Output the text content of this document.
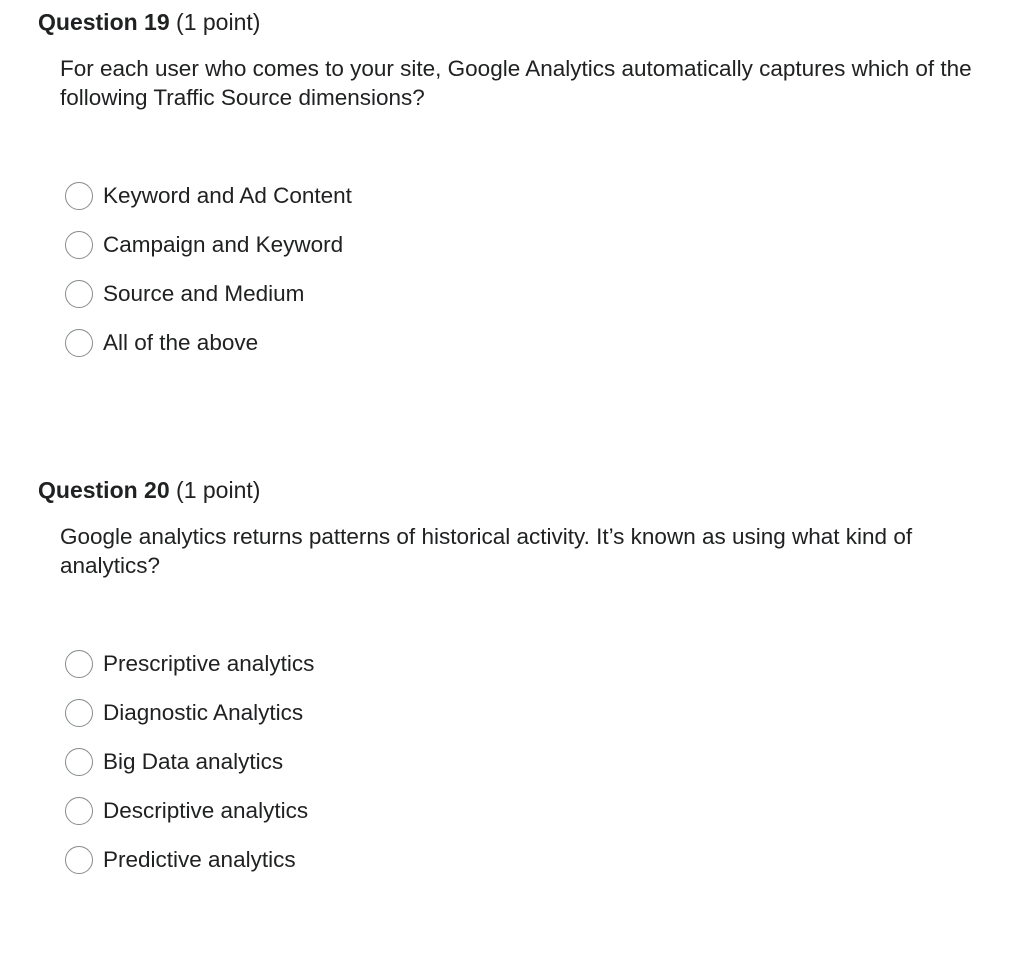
Question 19 (1 point)
For each user who comes to your site, Google Analytics automatically captures which of the following Traffic Source dimensions?
Keyword and Ad Content
Campaign and Keyword
Source and Medium
All of the above
Question 20 (1 point)
Google analytics returns patterns of historical activity. It’s known as using what kind of analytics?
Prescriptive analytics
Diagnostic Analytics
Big Data analytics
Descriptive analytics
Predictive analytics
